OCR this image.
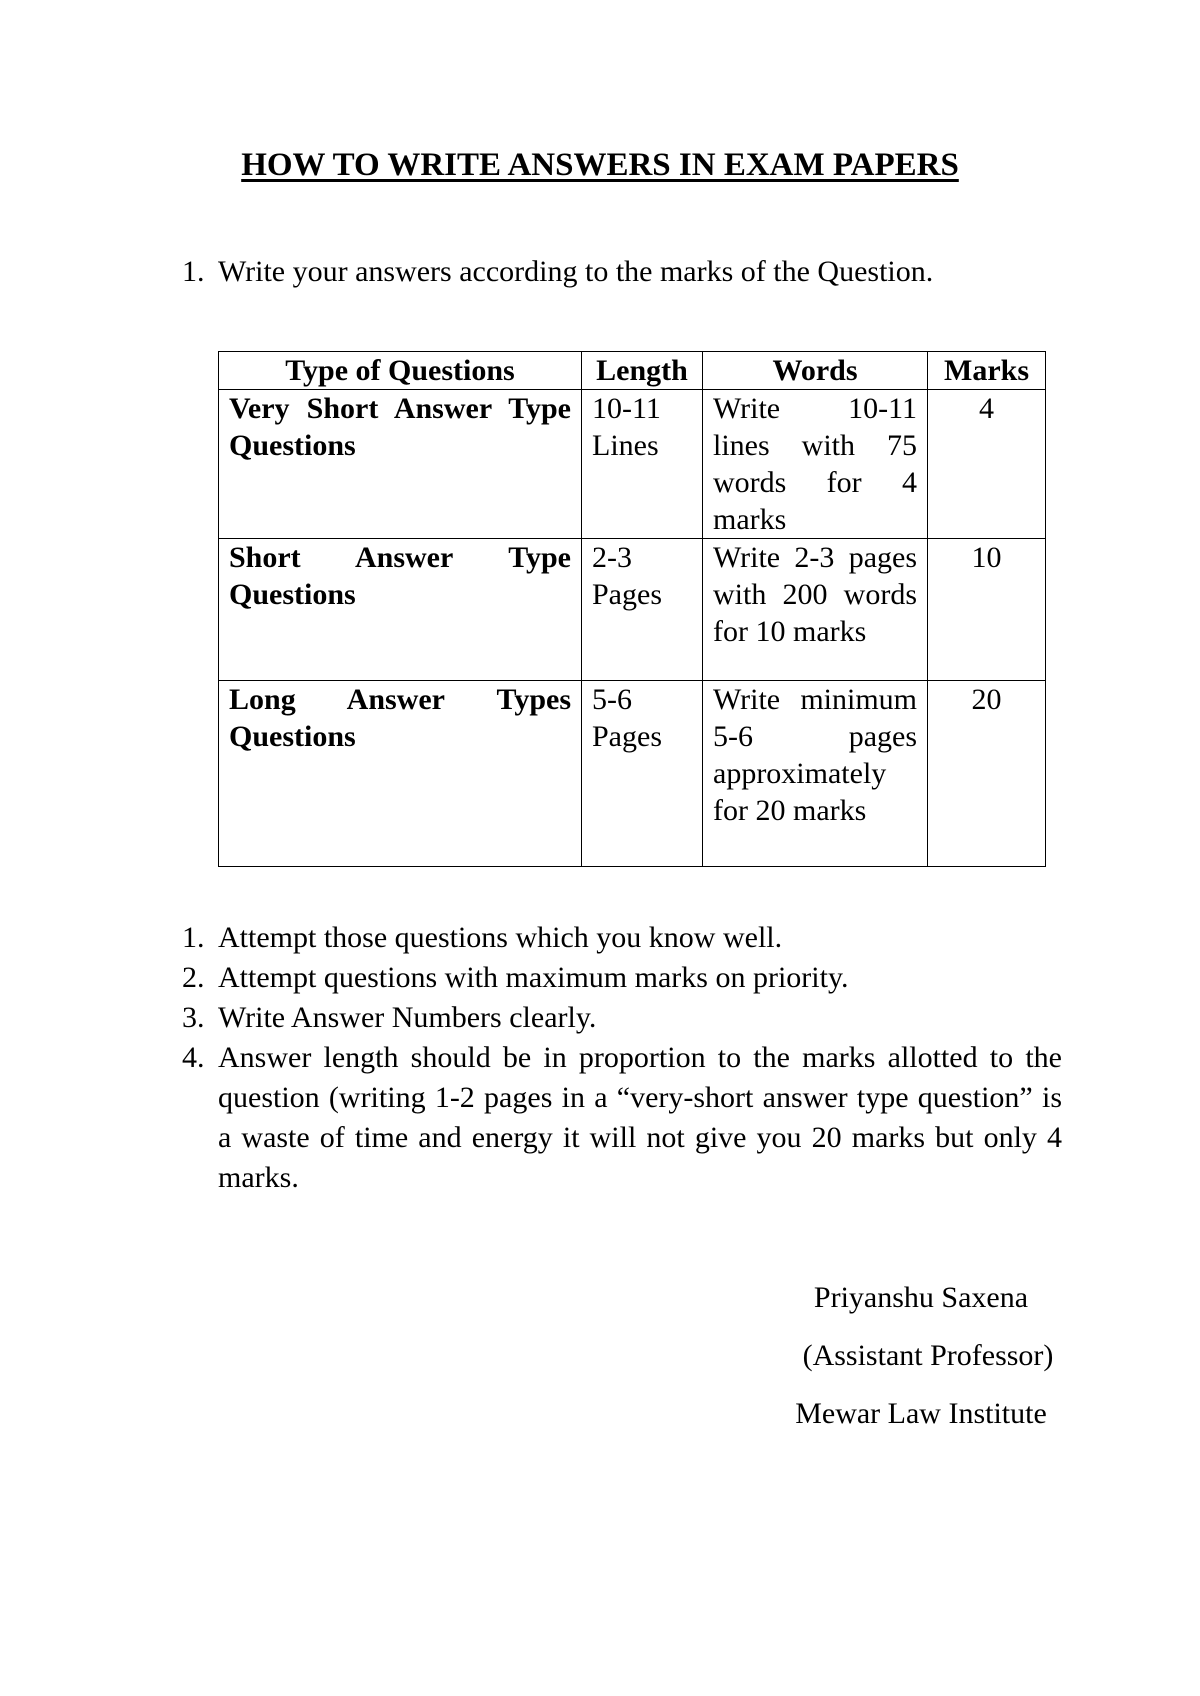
HOW TO WRITE ANSWERS IN EXAM PAPERS

1. Write your answers according to the marks of the Question.

Type of Questions	Length	Words	Marks
Very Short Answer Type Questions	10-11 Lines	Write 10-11 lines with 75 words for 4 marks	4
Short Answer Type Questions	2-3 Pages	Write 2-3 pages with 200 words for 10 marks	10
Long Answer Types Questions	5-6 Pages	Write minimum 5-6 pages approximately for 20 marks	20
1. Attempt those questions which you know well.
2. Attempt questions with maximum marks on priority.
3. Write Answer Numbers clearly.
4. Answer length should be in proportion to the marks allotted to the question (writing 1-2 pages in a “very-short answer type question” is a waste of time and energy it will not give you 20 marks but only 4 marks.

Priyanshu Saxena

(Assistant Professor)

Mewar Law Institute
